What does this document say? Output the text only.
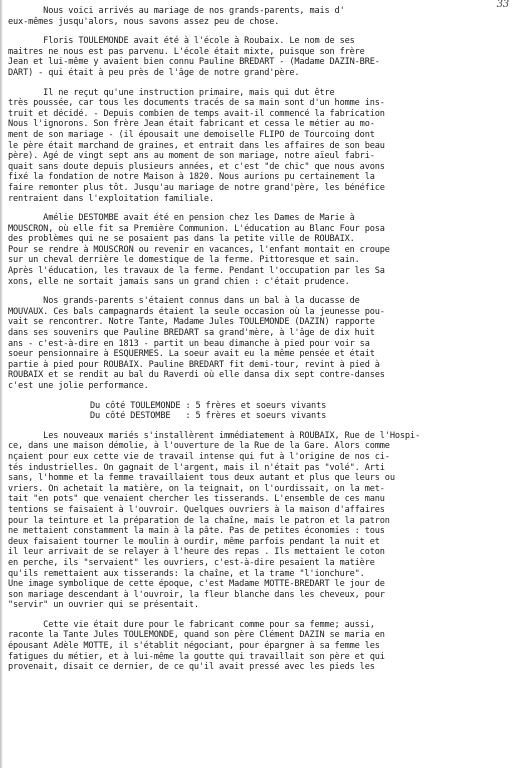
33

Nous voici arrivés au mariage de nos grands-parents, mais d'

eux-mêmes jusqu'alors, nous savons assez peu de chose.

Floris TOULEMONDE avait été à l'école à Roubaix. Le nom de ses

maitres ne nous est pas parvenu. L'école était mixte, puisque son frère

Jean et lui-même y avaient bien connu Pauline BREDART - (Madame DAZIN-BRE-

DART) - qui était à peu près de l'âge de notre grand'père.

Il ne reçut qu'une instruction primaire, mais qui dut être

très poussée, car tous les documents tracés de sa main sont d'un homme ins-

truit et décidé. - Depuis combien de temps avait-il commencé la fabrication

Nous l'ignorons. Son frère Jean était fabricant et cessa le métier au mo-

ment de son mariage - (il épousait une demoiselle FLIPO de Tourcoing dont

le père était marchand de graines, et entrait dans les affaires de son beau

père). Agé de vingt sept ans au moment de son mariage, notre aïeul fabri-

quait sans doute depuis plusieurs années, et c'est "de chic" que nous avons

fixé la fondation de notre Maison à 1820. Nous aurions pu certainement la

faire remonter plus tôt. Jusqu'au mariage de notre grand'père, les bénéfice

rentraient dans l'exploitation familiale.

Amélie DESTOMBE avait été en pension chez les Dames de Marie à

MOUSCRON, où elle fit sa Première Communion. L'éducation au Blanc Four posa

des problèmes qui ne se posaient pas dans la petite ville de ROUBAIX.

Pour se rendre à MOUSCRON ou revenir en vacances, l'enfant montait en croupe

sur un cheval derrière le domestique de la ferme. Pittoresque et sain.

Après l'éducation, les travaux de la ferme. Pendant l'occupation par les Sa

xons, elle ne sortait jamais sans un grand chien : c'était prudence.

Nos grands-parents s'étaient connus dans un bal à la ducasse de

MOUVAUX. Ces bals campagnards étaient la seule occasion où la jeunesse pou-

vait se rencontrer. Notre Tante, Madame Jules TOULEMONDE (DAZIN) rapporte

dans ses souvenirs que Pauline BREDART sa grand'mère, à l'âge de dix huit

ans - c'est-à-dire en 1813 - partit un beau dimanche à pied pour voir sa

soeur pensionnaire à ESQUERMES. La soeur avait eu la même pensée et était

partie à pied pour ROUBAIX. Pauline BREDART fit demi-tour, revint à pied à

ROUBAIX et se rendit au bal du Raverdi où elle dansa dix sept contre-danses

c'est une jolie performance.

Du côté TOULEMONDE : 5 frères et soeurs vivants
Du côté DESTOMBE   : 5 frères et soeurs vivants

Les nouveaux mariés s'installèrent immédiatement à ROUBAIX, Rue de l'Hospi-

ce, dans une maison démolie, à l'ouverture de la Rue de la Gare. Alors comme

nçaient pour eux cette vie de travail intense qui fut à l'origine de nos ci-

tés industrielles. On gagnait de l'argent, mais il n'était pas "volé". Arti

sans, l'homme et la femme travaillaient tous deux autant et plus que leurs ou

vriers. On achetait la matière, on la teignait, on l'ourdissait, on la met-

tait "en pots" que venaient chercher les tisserands. L'ensemble de ces manu

tentions se faisaient à l'ouvroir. Quelques ouvriers à la maison d'affaires

pour la teinture et la préparation de la chaîne, mais le patron et la patron

ne mettaient constamment la main à la pâte. Pas de petites économies : tous

deux faisaient tourner le moulin à ourdir, même parfois pendant la nuit et

il leur arrivait de se relayer à l'heure des repas . Ils mettaient le coton

en perche, ils "servaient" les ouvriers, c'est-à-dire pesaient la matière

qu'ils remettaient aux tisserands: la chaîne, et la trame "l'ionchure".

Une image symbolique de cette époque, c'est Madame MOTTE-BREDART le jour de

son mariage descendant à l'ouvroir, la fleur blanche dans les cheveux, pour

"servir" un ouvrier qui se présentait.

Cette vie était dure pour le fabricant comme pour sa femme; aussi,

raconte la Tante Jules TOULEMONDE, quand son père Clément DAZIN se maria en

épousant Adèle MOTTE, il s'établit négociant, pour épargner à sa femme les

fatigues du métier, et à lui-même la goutte qui travaillait son père et qui

provenait, disait ce dernier, de ce qu'il avait pressé avec les pieds les
